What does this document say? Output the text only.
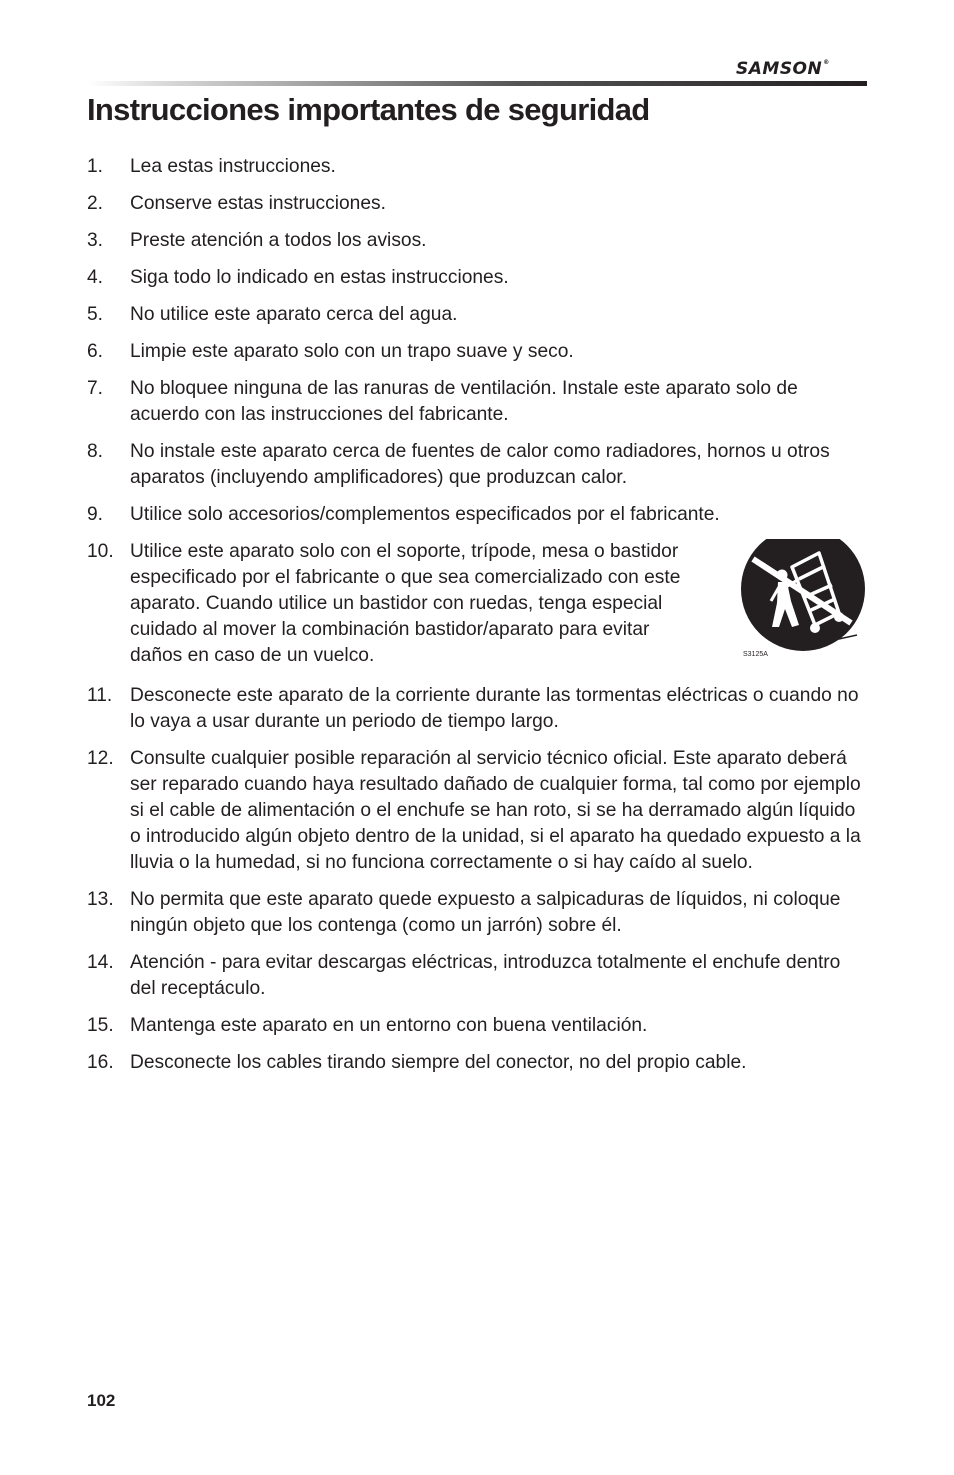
SAMSON®
Instrucciones importantes de seguridad
1. Lea estas instrucciones.
2. Conserve estas instrucciones.
3. Preste atención a todos los avisos.
4. Siga todo lo indicado en estas instrucciones.
5. No utilice este aparato cerca del agua.
6. Limpie este aparato solo con un trapo suave y seco.
7. No bloquee ninguna de las ranuras de ventilación. Instale este aparato solo de acuerdo con las instrucciones del fabricante.
8. No instale este aparato cerca de fuentes de calor como radiadores, hornos u otros aparatos (incluyendo amplificadores) que produzcan calor.
9. Utilice solo accesorios/complementos especificados por el fabricante.
10. Utilice este aparato solo con el soporte, trípode, mesa o bastidor especificado por el fabricante o que sea comercializado con este aparato. Cuando utilice un bastidor con ruedas, tenga especial cuidado al mover la combinación bastidor/aparato para evitar daños en caso de un vuelco.	S3125A
11. Desconecte este aparato de la corriente durante las tormentas eléctricas o cuando no lo vaya a usar durante un periodo de tiempo largo.
12. Consulte cualquier posible reparación al servicio técnico oficial. Este aparato deberá ser reparado cuando haya resultado dañado de cualquier forma, tal como por ejemplo si el cable de alimentación o el enchufe se han roto, si se ha derramado algún líquido o introducido algún objeto dentro de la unidad, si el aparato ha quedado expuesto a la lluvia o la humedad, si no funciona correctamente o si hay caído al suelo.
13. No permita que este aparato quede expuesto a salpicaduras de líquidos, ni coloque ningún objeto que los contenga (como un jarrón) sobre él.
14. Atención - para evitar descargas eléctricas, introduzca totalmente el enchufe dentro del receptáculo.
15. Mantenga este aparato en un entorno con buena ventilación.
16. Desconecte los cables tirando siempre del conector, no del propio cable.
102
